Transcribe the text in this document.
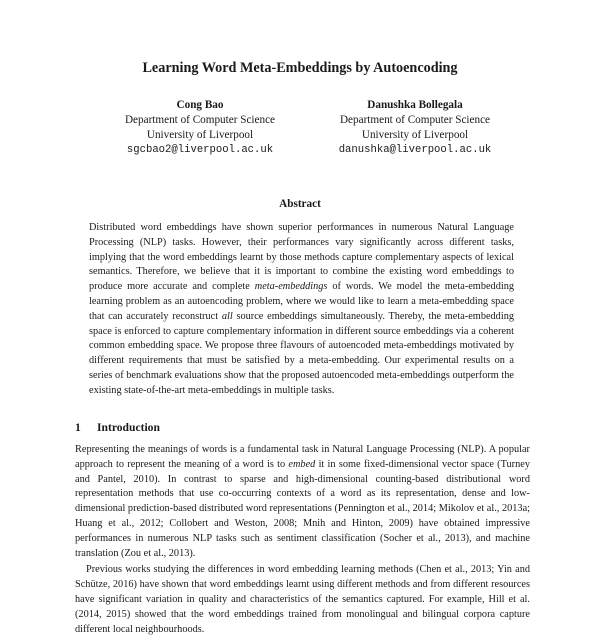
Learning Word Meta-Embeddings by Autoencoding
Cong Bao
Department of Computer Science
University of Liverpool
sgcbao2@liverpool.ac.uk
Danushka Bollegala
Department of Computer Science
University of Liverpool
danushka@liverpool.ac.uk
Abstract

Distributed word embeddings have shown superior performances in numerous Natural Language Processing (NLP) tasks. However, their performances vary significantly across different tasks, implying that the word embeddings learnt by those methods capture complementary aspects of lexical semantics. Therefore, we believe that it is important to combine the existing word embeddings to produce more accurate and complete meta-embeddings of words. We model the meta-embedding learning problem as an autoencoding problem, where we would like to learn a meta-embedding space that can accurately reconstruct all source embeddings simultaneously. Thereby, the meta-embedding space is enforced to capture complementary information in different source embeddings via a coherent common embedding space. We propose three flavours of autoencoded meta-embeddings motivated by different requirements that must be satisfied by a meta-embedding. Our experimental results on a series of benchmark evaluations show that the proposed autoencoded meta-embeddings outperform the existing state-of-the-art meta-embeddings in multiple tasks.

1 Introduction

Representing the meanings of words is a fundamental task in Natural Language Processing (NLP). A popular approach to represent the meaning of a word is to embed it in some fixed-dimensional vector space (Turney and Pantel, 2010). In contrast to sparse and high-dimensional counting-based distributional word representation methods that use co-occurring contexts of a word as its representation, dense and low-dimensional prediction-based distributed word representations (Pennington et al., 2014; Mikolov et al., 2013a; Huang et al., 2012; Collobert and Weston, 2008; Mnih and Hinton, 2009) have obtained impressive performances in numerous NLP tasks such as sentiment classification (Socher et al., 2013), and machine translation (Zou et al., 2013).

Previous works studying the differences in word embedding learning methods (Chen et al., 2013; Yin and Schütze, 2016) have shown that word embeddings learnt using different methods and from different resources have significant variation in quality and characteristics of the semantics captured. For example, Hill et al. (2014, 2015) showed that the word embeddings trained from monolingual and bilingual corpora capture different local neighbourhoods.
